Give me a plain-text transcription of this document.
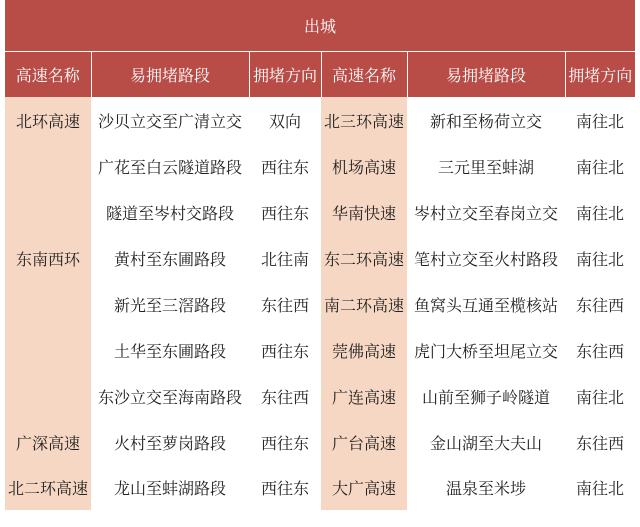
出城					
高速名称	易拥堵路段	拥堵方向	高速名称	易拥堵路段	拥堵方向
北环高速	沙贝立交至广清立交	双向	北三环高速	新和至杨荷立交	南往北
	广花至白云隧道路段	西往东	机场高速	三元里至蚌湖	南往北
	隧道至岑村交路段	西往东	华南快速	岑村立交至春岗立交	南往北
东南西环	黄村至东圃路段	北往南	东二环高速	笔村立交至火村路段	南往北
	新光至三滘路段	东往西	南二环高速	鱼窝头互通至榄核站	东往西
	土华至东圃路段	西往东	莞佛高速	虎门大桥至坦尾立交	东往西
	东沙立交至海南路段	东往西	广连高速	山前至狮子岭隧道	南往北
广深高速	火村至萝岗路段	西往东	广台高速	金山湖至大夫山	东往西
北二环高速	龙山至蚌湖路段	西往东	大广高速	温泉至米埗	南往北
